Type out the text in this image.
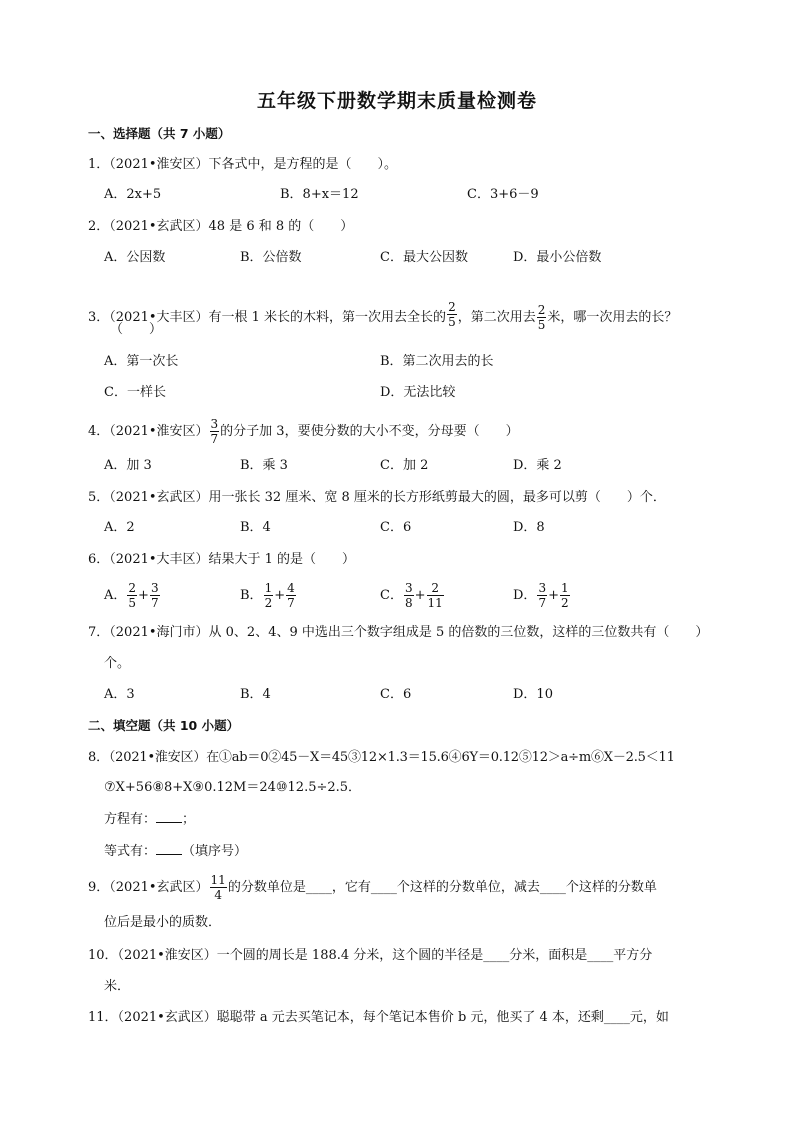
五年级下册数学期末质量检测卷
一、选择题（共 7 小题）
1．（2021•淮安区）下各式中，是方程的是（　　）。
A．2x+5	B．8+x＝12	C．3+6－9
2．（2021•玄武区）48 是 6 和 8 的（　　）
A．公因数	B．公倍数	C．最大公因数	D．最小公倍数
3．（2021•大丰区）有一根 1 米长的木料，第一次用去全长的 $\frac{2}{5}$ ，第二次用去 $\frac{2}{5}$ 米，哪一次用去的长？
（　　）
A．第一次长	B．第二次用去的长
C．一样长	D．无法比较
4．（2021•淮安区） $\frac{3}{7}$ 的分子加 3，要使分数的大小不变，分母要（　　）
A．加 3	B．乘 3	C．加 2	D．乘 2
5．（2021•玄武区）用一张长 32 厘米、宽 8 厘米的长方形纸剪最大的圆，最多可以剪（　　）个．
A．2	B．4	C．6	D．8
6．（2021•大丰区）结果大于 1 的是（　　）
A． $\frac{2}{5} + \frac{3}{7}$	B． $\frac{1}{2} + \frac{4}{7}$	C． $\frac{3}{8} + \frac{2}{11}$	D． $\frac{3}{7} + \frac{1}{2}$
7．（2021•海门市）从 0、2、4、9 中选出三个数字组成是 5 的倍数的三位数，这样的三位数共有（　　）
个。
A．3	B．4	C．6	D．10
二、填空题（共 10 小题）
8．（2021•淮安区）在①ab＝0②45－X＝45③12×1.3＝15.6④6Y＝0.12⑤12＞a÷m⑥X－2.5＜11
⑦X+56⑧8+X⑨0.12M＝24⑩12.5÷2.5．
方程有： ；
等式有： （填序号）
9．（2021•玄武区） $\frac{11}{4}$ 的分数单位是____，它有____个这样的分数单位，减去____个这样的分数单
位后是最小的质数．
10．（2021•淮安区）一个圆的周长是 188.4 分米，这个圆的半径是____分米，面积是____平方分
米．
11．（2021•玄武区）聪聪带 a 元去买笔记本，每个笔记本售价 b 元，他买了 4 本，还剩____元，如
